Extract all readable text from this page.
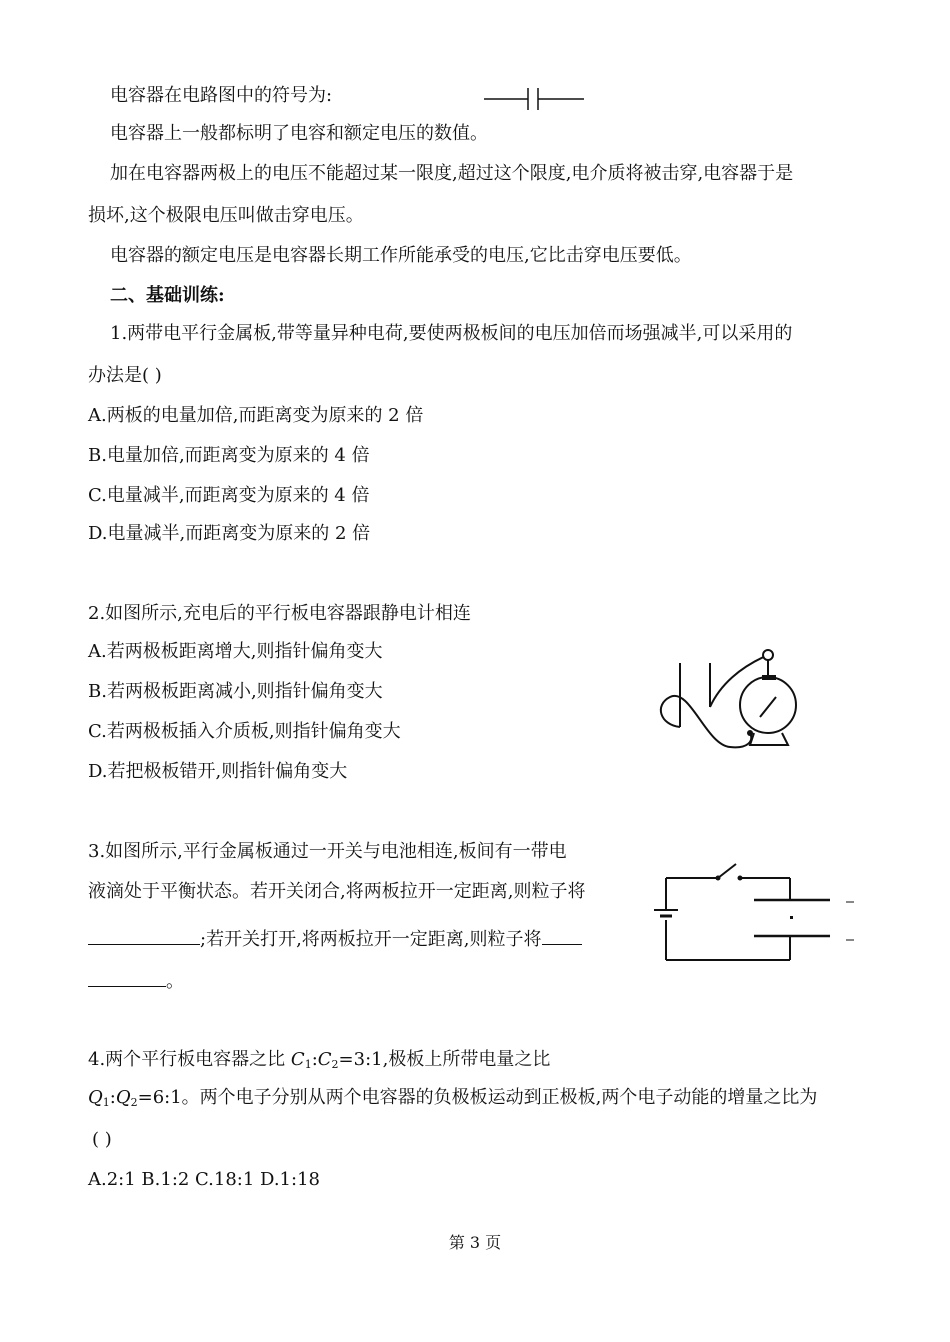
电容器在电路图中的符号为:
电容器上一般都标明了电容和额定电压的数值。
加在电容器两极上的电压不能超过某一限度,超过这个限度,电介质将被击穿,电容器于是
损坏,这个极限电压叫做击穿电压。
电容器的额定电压是电容器长期工作所能承受的电压,它比击穿电压要低。
二、基础训练:
1.两带电平行金属板,带等量异种电荷,要使两极板间的电压加倍而场强减半,可以采用的
办法是( )
A.两板的电量加倍,而距离变为原来的 2 倍
B.电量加倍,而距离变为原来的 4 倍
C.电量减半,而距离变为原来的 4 倍
D.电量减半,而距离变为原来的 2 倍
2.如图所示,充电后的平行板电容器跟静电计相连
A.若两极板距离增大,则指针偏角变大
B.若两极板距离减小,则指针偏角变大
C.若两极板插入介质板,则指针偏角变大
D.若把极板错开,则指针偏角变大
3.如图所示,平行金属板通过一开关与电池相连,板间有一带电
液滴处于平衡状态。若开关闭合,将两板拉开一定距离,则粒子将
;若开关打开,将两板拉开一定距离,则粒子将
。
4.两个平行板电容器之比 $C_1:C_2=3:1$,极板上所带电量之比
$Q_1:Q_2=6:1$。两个电子分别从两个电容器的负极板运动到正极板,两个电子动能的增量之比为
( )
A.2:1 B.1:2 C.18:1 D.1:18
第 3 页
